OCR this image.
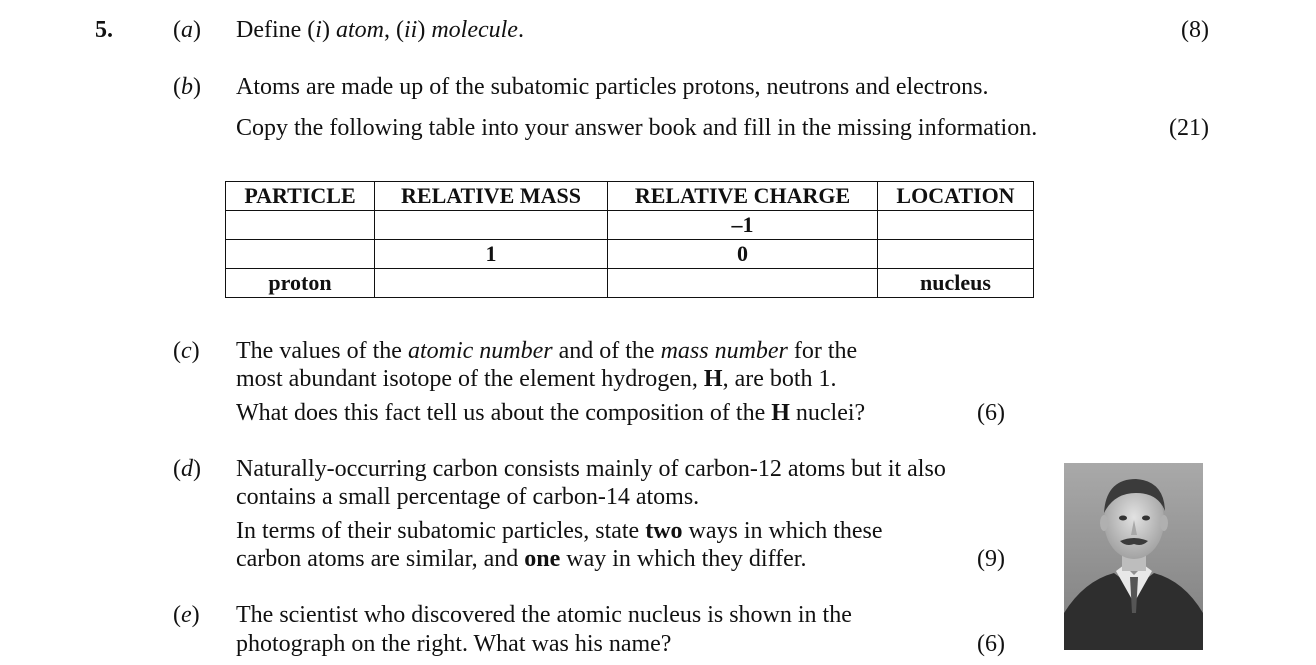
5.	(a) Define (i) atom, (ii) molecule.	(8)
(b) Atoms are made up of the subatomic particles protons, neutrons and electrons.
Copy the following table into your answer book and fill in the missing information.	(21)
PARTICLE	RELATIVE MASS	RELATIVE CHARGE	LOCATION
		–1	
	1	0	
proton			nucleus
(c) The values of the atomic number and of the mass number for the
most abundant isotope of the element hydrogen, H, are both 1.
What does this fact tell us about the composition of the H nuclei?	(6)
(d) Naturally-occurring carbon consists mainly of carbon-12 atoms but it also
contains a small percentage of carbon-14 atoms.
In terms of their subatomic particles, state two ways in which these
carbon atoms are similar, and one way in which they differ.	(9)
(e) The scientist who discovered the atomic nucleus is shown in the
photograph on the right. What was his name?	(6)
